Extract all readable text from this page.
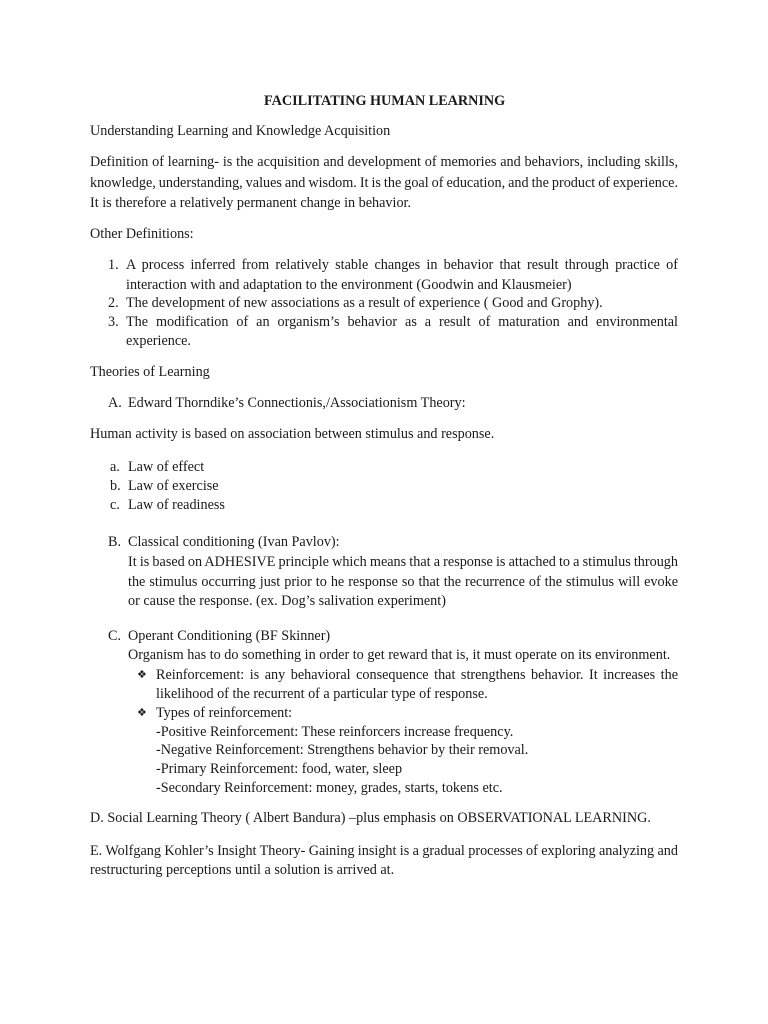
FACILITATING HUMAN LEARNING
Understanding Learning and Knowledge Acquisition
Definition of learning- is the acquisition and development of memories and behaviors, including skills,
knowledge, understanding, values and wisdom. It is the goal of education, and the product of experience.
It is therefore a relatively permanent change in behavior.
Other Definitions:
1. A process inferred from relatively stable changes in behavior that result through practice of
interaction with and adaptation to the environment (Goodwin and Klausmeier)
2. The development of new associations as a result of experience ( Good and Grophy).
3. The modification of an organism’s behavior as a result of maturation and environmental
experience.
Theories of Learning
A. Edward Thorndike’s Connectionis,/Associationism Theory:
Human activity is based on association between stimulus and response.
a. Law of effect
b. Law of exercise
c. Law of readiness
B. Classical conditioning (Ivan Pavlov):
It is based on ADHESIVE principle which means that a response is attached to a stimulus through
the stimulus occurring just prior to he response so that the recurrence of the stimulus will evoke
or cause the response. (ex. Dog’s salivation experiment)
C. Operant Conditioning (BF Skinner)
Organism has to do something in order to get reward that is, it must operate on its environment.
❖ Reinforcement: is any behavioral consequence that strengthens behavior. It increases the
likelihood of the recurrent of a particular type of response.
❖ Types of reinforcement:
-Positive Reinforcement: These reinforcers increase frequency.
-Negative Reinforcement: Strengthens behavior by their removal.
-Primary Reinforcement: food, water, sleep
-Secondary Reinforcement: money, grades, starts, tokens etc.
D. Social Learning Theory ( Albert Bandura) –plus emphasis on OBSERVATIONAL LEARNING.
E. Wolfgang Kohler’s Insight Theory- Gaining insight is a gradual processes of exploring analyzing and
restructuring perceptions until a solution is arrived at.
